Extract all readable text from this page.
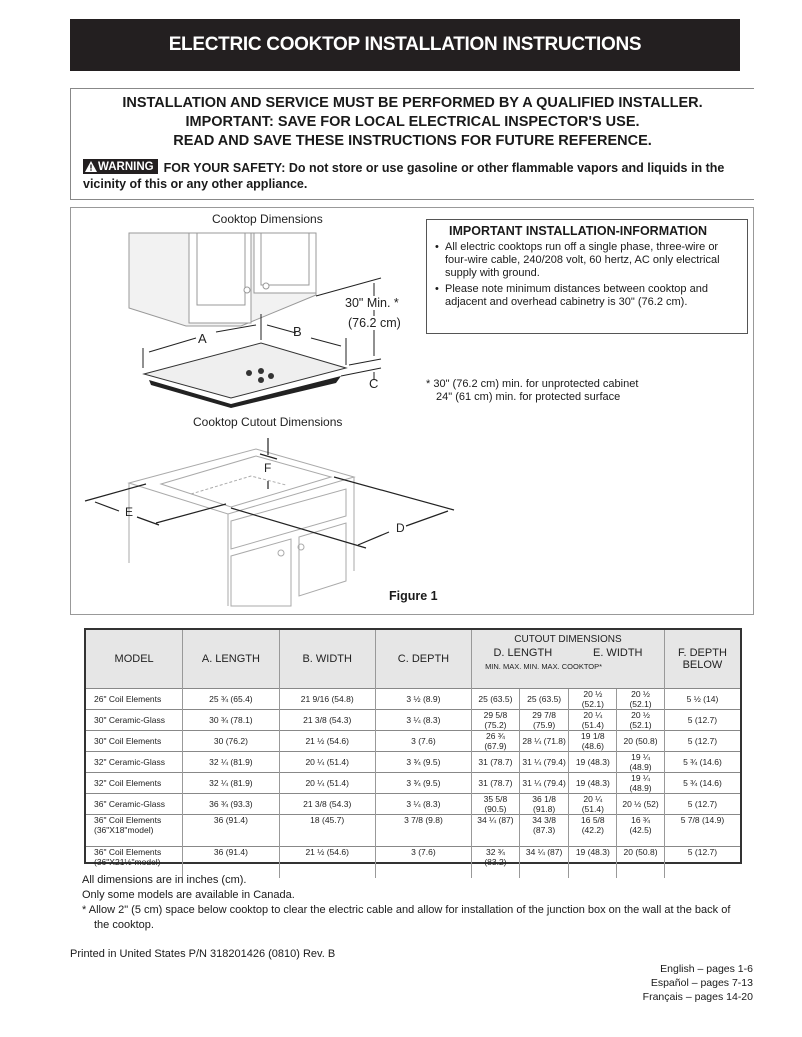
ELECTRIC COOKTOP INSTALLATION INSTRUCTIONS
INSTALLATION AND SERVICE MUST BE PERFORMED BY A QUALIFIED INSTALLER.
IMPORTANT: SAVE FOR LOCAL ELECTRICAL INSPECTOR'S USE.
READ AND SAVE THESE INSTRUCTIONS FOR FUTURE REFERENCE.
WARNING FOR YOUR SAFETY: Do not store or use gasoline or other flammable vapors and liquids in the vicinity of this or any other appliance.
Cooktop Dimensions
A	B
C
30" Min. *
(76.2 cm)
IMPORTANT INSTALLATION-INFORMATION
• All electric cooktops run off a single phase, three-wire or four-wire cable, 240/208 volt, 60 hertz, AC only electrical supply with ground.
• Please note minimum distances between cooktop and adjacent and overhead cabinetry is 30" (76.2 cm).
* 30" (76.2 cm) min. for unprotected cabinet
24" (61 cm) min. for protected surface
Cooktop Cutout Dimensions
F
E
D
Figure 1
MODEL	A. LENGTH	B. WIDTH	C. DEPTH	CUTOUT DIMENSIONS
D. LENGTH E. WIDTH
MIN. MAX. MIN. MAX. COOKTOP*				F. DEPTH BELOW
26" Coil Elements	25 ¾ (65.4)	21 9/16 (54.8)	3 ½ (8.9)	25 (63.5)	25 (63.5)	20 ½ (52.1)	20 ½ (52.1)	5 ½ (14)
30" Ceramic-Glass	30 ¾ (78.1)	21 3/8 (54.3)	3 ¼ (8.3)	29 5/8 (75.2)	29 7/8 (75.9)	20 ¼ (51.4)	20 ½ (52.1)	5 (12.7)
30" Coil Elements	30 (76.2)	21 ½ (54.6)	3 (7.6)	26 ¾ (67.9)	28 ¼ (71.8)	19 1/8 (48.6)	20 (50.8)	5 (12.7)
32" Ceramic-Glass	32 ¼ (81.9)	20 ¼ (51.4)	3 ¾ (9.5)	31 (78.7)	31 ¼ (79.4)	19 (48.3)	19 ¼ (48.9)	5 ¾ (14.6)
32" Coil Elements	32 ¼ (81.9)	20 ¼ (51.4)	3 ¾ (9.5)	31 (78.7)	31 ¼ (79.4)	19 (48.3)	19 ¼ (48.9)	5 ¾ (14.6)
36" Ceramic-Glass	36 ¾ (93.3)	21 3/8 (54.3)	3 ¼ (8.3)	35 5/8 (90.5)	36 1/8 (91.8)	20 ¼ (51.4)	20 ½ (52)	5 (12.7)

36" Coil Elements
(36"X18"model)	36 (91.4)	18 (45.7)	3 7/8 (9.8)	34 ¼ (87)	34 3/8 (87.3)	16 5/8 (42.2)	16 ¾ (42.5)	5 7/8 (14.9)

36" Coil Elements
(36"X21½"model)	36 (91.4)	21 ½ (54.6)	3 (7.6)	32 ¾ (83.2)	34 ¼ (87)	19 (48.3)	20 (50.8)	5 (12.7)
All dimensions are in inches (cm).
Only some models are available in Canada.
* Allow 2" (5 cm) space below cooktop to clear the electric cable and allow for installation of the junction box on the wall at the back of the cooktop.
Printed in United States P/N 318201426 (0810) Rev. B
English – pages 1-6
Español – pages 7-13
Français – pages 14-20
